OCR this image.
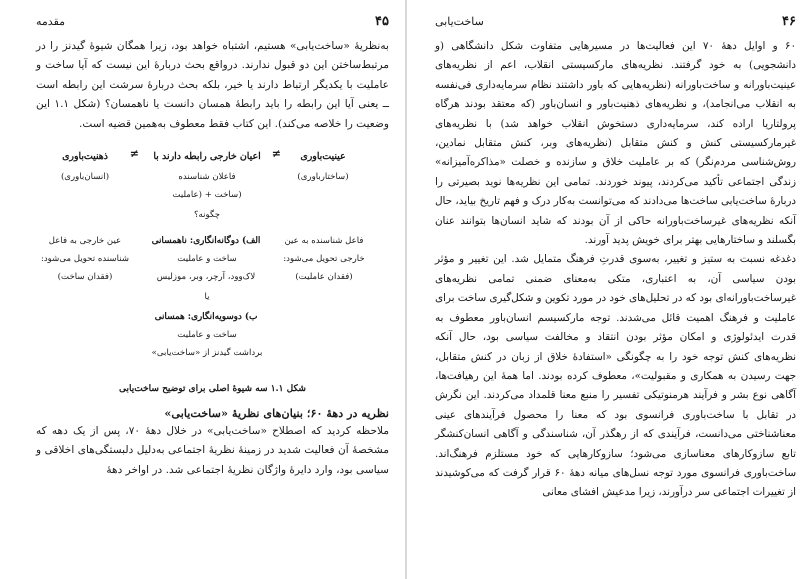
مقدمه	۴۵

به‌نظریهٔ «ساخت‌یابی» هستیم، اشتباه خواهد بود، زیرا همگان شیوهٔ گیدنز را در مرتبط‌ساختن این دو قبول ندارند. درواقع بحث دربارهٔ این نیست که آیا ساخت و عاملیت با یکدیگر ارتباط دارند یا خیر، بلکه بحث دربارهٔ سرشت این رابطه است ــ یعنی آیا این رابطه را باید رابطهٔ همسان دانست یا ناهمسان؟ (شکل ۱.۱ این وضعیت را خلاصه می‌کند). این کتاب فقط معطوف به‌همین قضیه است.

عینیت‌باوری
≠
اعیان خارجی رابطه دارند با
≠
ذهنیت‌باوری
(ساختارباوری)
فاعلان شناسنده
(انسان‌باوری)
(ساخت + (عاملیت
چگونه؟
فاعل شناسنده به عین
خارجی تحویل می‌شود:
(فقدان عاملیت)
الف) دوگانه‌انگاری: ناهمسانی
ساخت و عاملیت
لاک‌وود، آرچر، وبر، موزلیس
یا
ب) دوسویه‌انگاری: همسانی
ساخت و عاملیت
برداشت گیدنز از «ساخت‌یابی»
عین خارجی به فاعل
شناسنده تحویل می‌شود:
(فقدان ساخت)
شکل ۱.۱ سه شیوهٔ اصلی برای توضیح ساخت‌یابی
نظریه در دههٔ ۶۰؛ بنیان‌های نظریهٔ «ساخت‌یابی»

ملاحظه کردید که اصطلاح «ساخت‌یابی» در خلال دههٔ ۷۰، پس از یک دهه که مشخصهٔ آن فعالیت شدید در زمینهٔ نظریهٔ اجتماعی به‌دلیل دلبستگی‌های اخلاقی و سیاسی بود، وارد دایرهٔ واژگان نظریهٔ اجتماعی شد. در اواخر دههٔ

۴۶
ساخت‌یابی

۶۰ و اوایل دههٔ ۷۰ این فعالیت‌ها در مسیرهایی متفاوت شکل دانشگاهی (و دانشجویی) به خود گرفتند. نظریه‌های مارکسیستی انقلاب، اعم از نظریه‌های عینیت‌باورانه و ساخت‌باورانه (نظریه‌هایی که باور داشتند نظام سرمایه‌داری فی‌نفسه به انقلاب می‌انجامد)، و نظریه‌های ذهنیت‌باور و انسان‌باور (که معتقد بودند هرگاه پرولتاریا اراده کند، سرمایه‌داری دستخوش انقلاب خواهد شد) با نظریه‌های غیرمارکسیستی کنش و کنش متقابل (نظریه‌های وبر، کنش متقابل نمادین، روش‌شناسی مردم‌نگر) که بر عاملیت خلاق و سازنده و خصلت «مذاکره‌آمیزانه» زندگی اجتماعی تأکید می‌کردند، پیوند خوردند. تمامی این نظریه‌ها نوید بصیرتی را دربارهٔ ساخت‌یابی ساخت‌ها می‌دادند که می‌توانست به‌کار درک و فهم تاریخ بیاید، حال آنکه نظریه‌های غیرساخت‌باورانه حاکی از آن بودند که شاید انسان‌ها بتوانند عنان بگسلند و ساختارهایی بهتر برای خویش پدید آورند.

دغدغه نسبت به ستیز و تغییر، به‌سوی قدرتِ فرهنگ متمایل شد. این تغییر و مؤثر بودن سیاسی آن، به اعتباری، متکی به‌معنای ضمنی تمامی نظریه‌های غیرساخت‌باورانه‌ای بود که در تحلیل‌های خود در مورد تکوین و شکل‌گیری ساخت برای عاملیت و فرهنگ اهمیت قائل می‌شدند. توجه مارکسیسم انسان‌باور معطوف به قدرت ایدئولوژی و امکان مؤثر بودن انتقاد و مخالفت سیاسی بود، حال آنکه نظریه‌های کنش توجه خود را به چگونگی «استفادهٔ خلاق از زبان در کنش متقابل، جهت رسیدن به همکاری و مقبولیت»، معطوف کرده بودند. اما همهٔ این رهیافت‌ها، آگاهی نوع بشر و فرآیند هرمنوتیکی تفسیر را منبع معنا قلمداد می‌کردند. این نگرش در تقابل با ساخت‌باوری فرانسوی بود که معنا را محصول فرآیندهای عینی معناشناختی می‌دانست، فرآیندی که از رهگذر آن، شناسندگی و آگاهی انسان‌کنشگر تابع سازوکارهای معناسازی می‌شود؛ سازوکارهایی که خود مستلزم فرهنگ‌اند. ساخت‌باوری فرانسوی مورد توجه نسل‌های میانه دههٔ ۶۰ قرار گرفت که می‌کوشیدند از تغییرات اجتماعی سر درآورند، زیرا مدعیش افشای معانی
